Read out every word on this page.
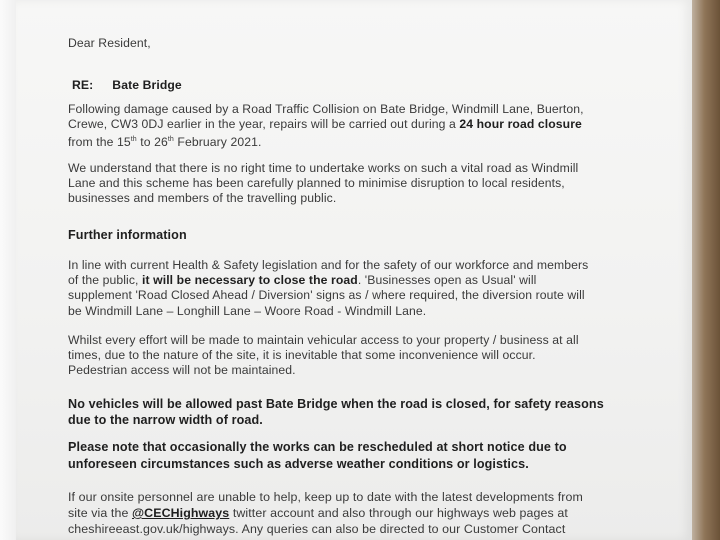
Dear Resident,
RE: Bate Bridge
Following damage caused by a Road Traffic Collision on Bate Bridge, Windmill Lane, Buerton,
Crewe, CW3 0DJ earlier in the year, repairs will be carried out during a 24 hour road closure
from the 15th to 26th February 2021.
We understand that there is no right time to undertake works on such a vital road as Windmill
Lane and this scheme has been carefully planned to minimise disruption to local residents,
businesses and members of the travelling public.
Further information
In line with current Health & Safety legislation and for the safety of our workforce and members
of the public, it will be necessary to close the road. 'Businesses open as Usual' will
supplement 'Road Closed Ahead / Diversion' signs as / where required, the diversion route will
be Windmill Lane – Longhill Lane – Woore Road - Windmill Lane.
Whilst every effort will be made to maintain vehicular access to your property / business at all
times, due to the nature of the site, it is inevitable that some inconvenience will occur.
Pedestrian access will not be maintained.
No vehicles will be allowed past Bate Bridge when the road is closed, for safety reasons
due to the narrow width of road.
Please note that occasionally the works can be rescheduled at short notice due to
unforeseen circumstances such as adverse weather conditions or logistics.
If our onsite personnel are unable to help, keep up to date with the latest developments from
site via the @CECHighways twitter account and also through our highways web pages at
cheshireeast.gov.uk/highways. Any queries can also be directed to our Customer Contact
